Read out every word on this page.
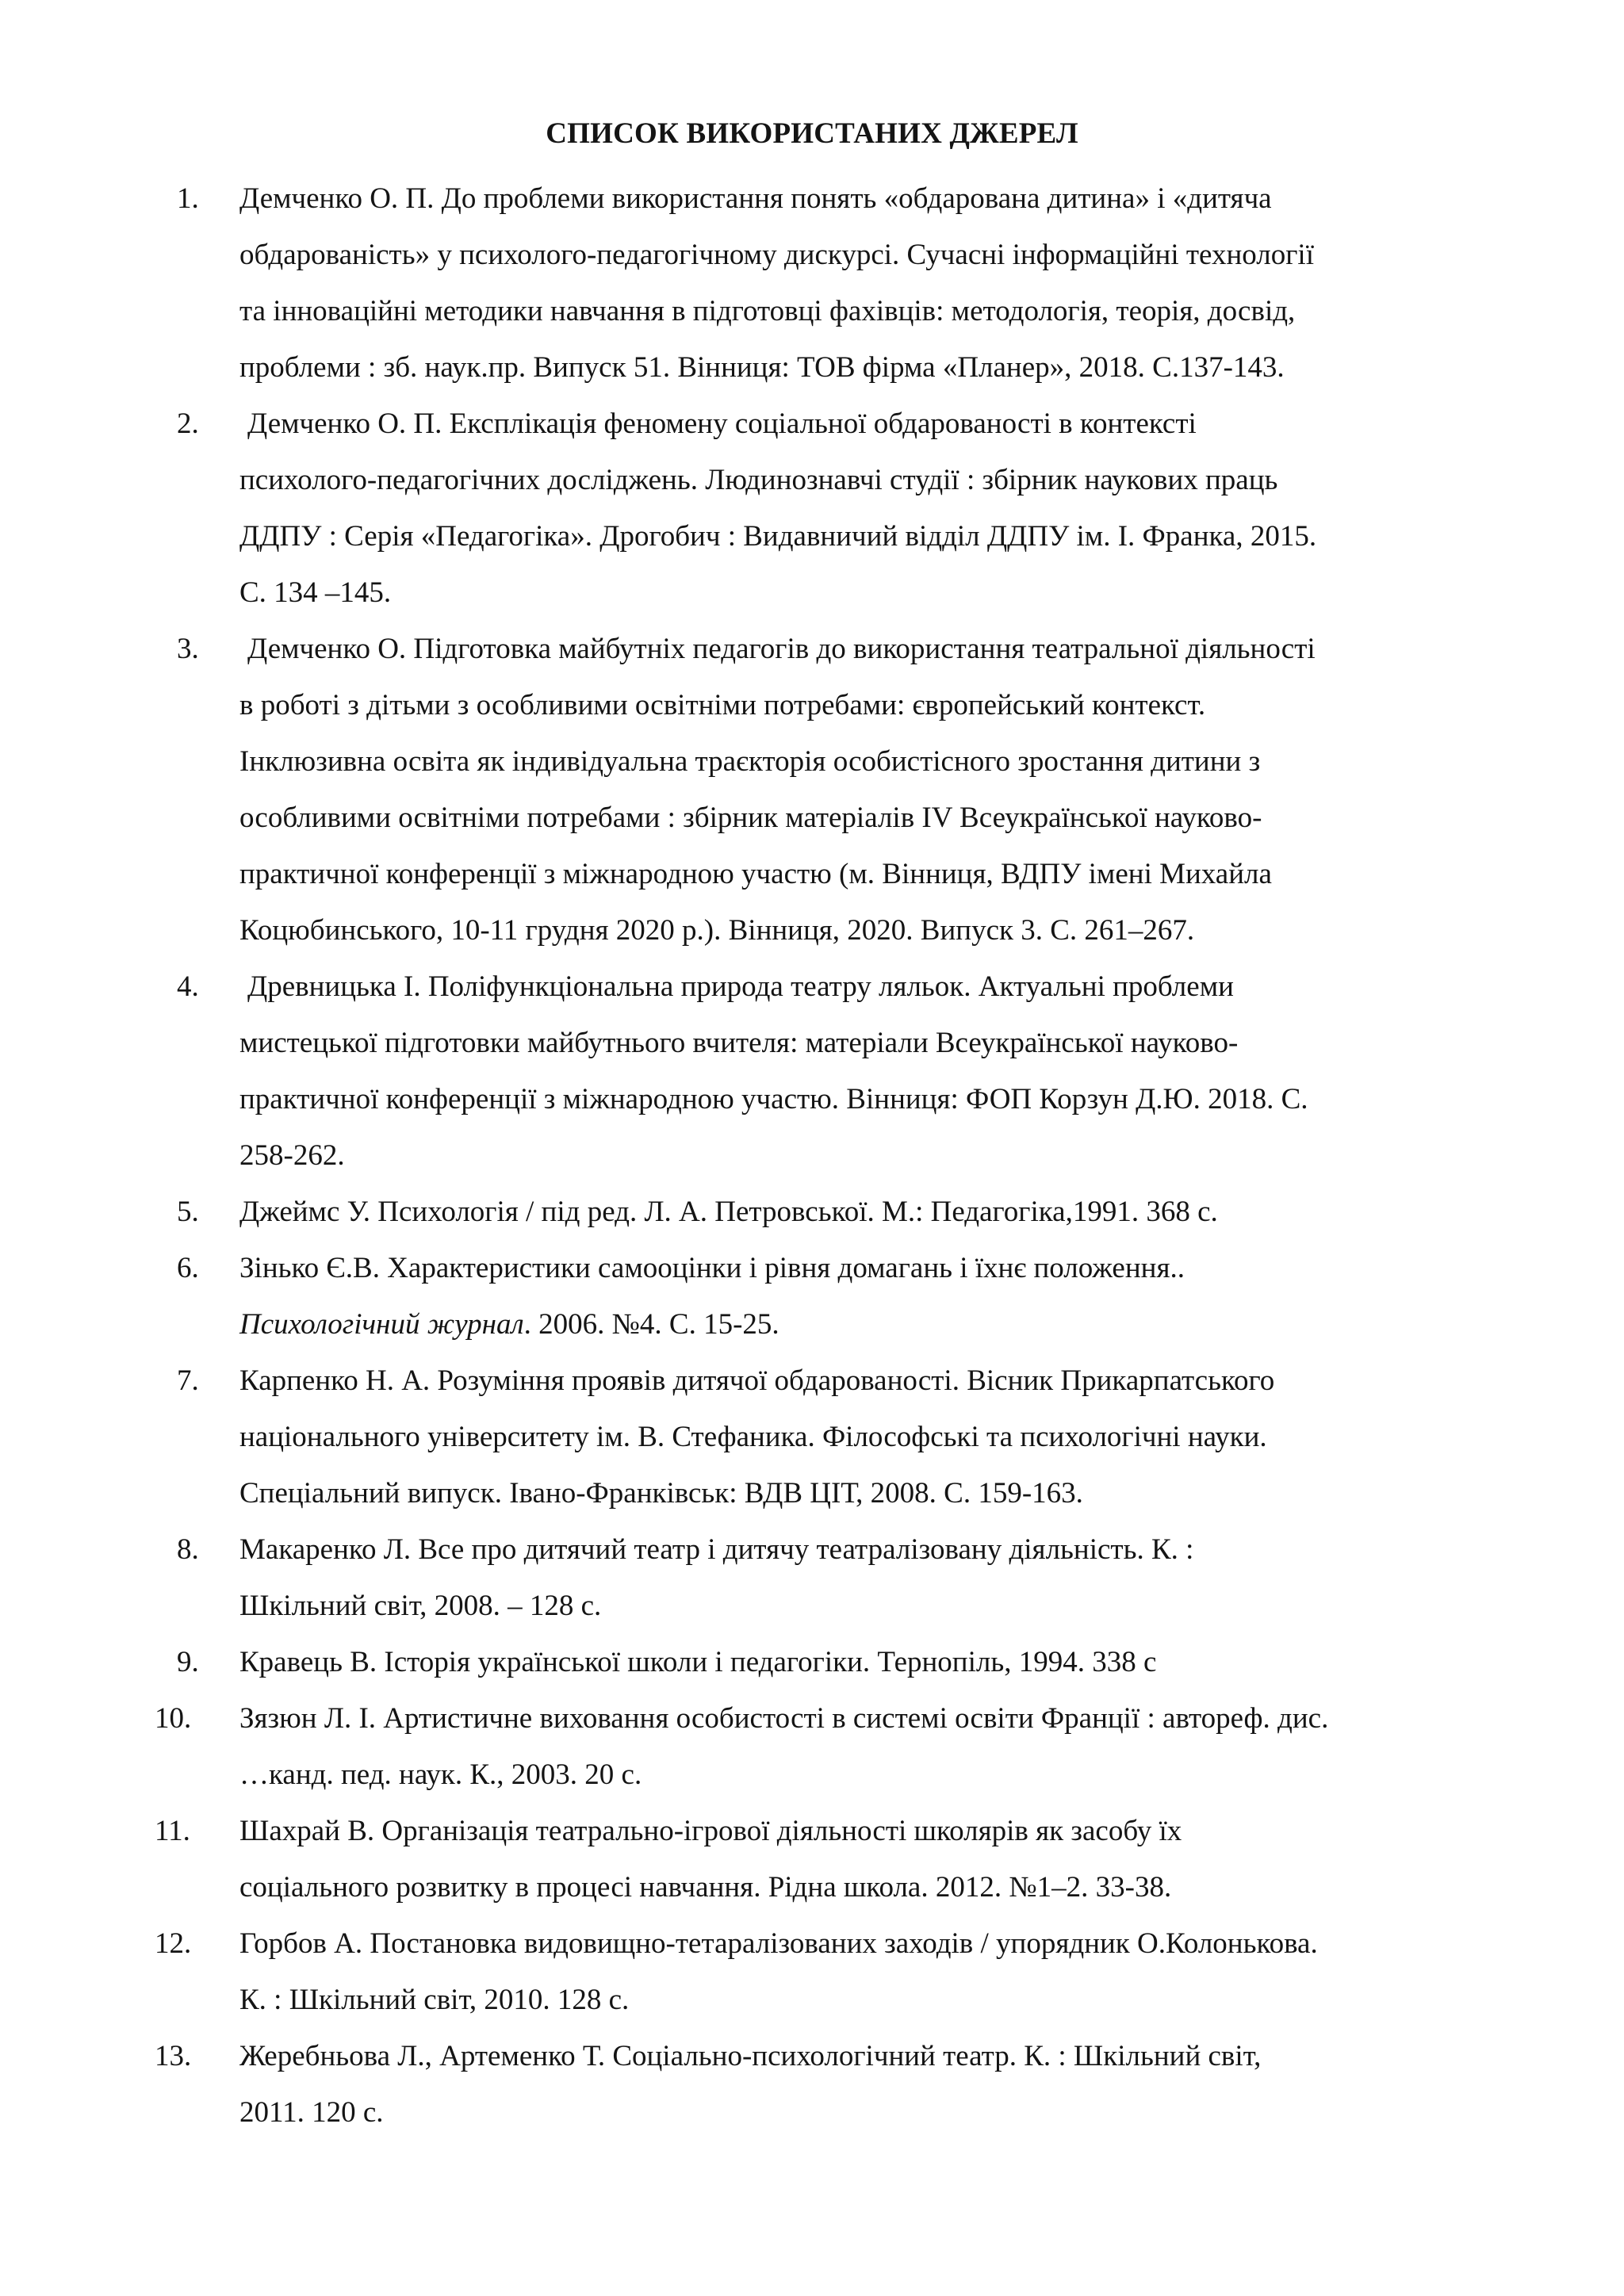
СПИСОК ВИКОРИСТАНИХ ДЖЕРЕЛ
1. Демченко О. П. До проблеми використання понять «обдарована дитина» і «дитяча
обдарованість» у психолого-педагогічному дискурсі. Сучасні інформаційні технології
та інноваційні методики навчання в підготовці фахівців: методологія, теорія, досвід,
проблеми : зб. наук.пр. Випуск 51. Вінниця: ТОВ фірма «Планер», 2018. С.137-143.
2. Демченко О. П. Експлікація феномену соціальної обдарованості в контексті
психолого-педагогічних досліджень. Людинознавчі студії : збірник наукових праць
ДДПУ : Серія «Педагогіка». Дрогобич : Видавничий відділ ДДПУ ім. І. Франка, 2015.
С. 134 –145.
3. Демченко О. Підготовка майбутніх педагогів до використання театральної діяльності
в роботі з дітьми з особливими освітніми потребами: європейський контекст.
Інклюзивна освіта як індивідуальна траєкторія особистісного зростання дитини з
особливими освітніми потребами : збірник матеріалів IV Всеукраїнської науково-
практичної конференції з міжнародною участю (м. Вінниця, ВДПУ імені Михайла
Коцюбинського, 10-11 грудня 2020 р.). Вінниця, 2020. Випуск 3. С. 261–267.
4. Древницька І. Поліфункціональна природа театру ляльок. Актуальні проблеми
мистецької підготовки майбутнього вчителя: матеріали Всеукраїнської науково-
практичної конференції з міжнародною участю. Вінниця: ФОП Корзун Д.Ю. 2018. С.
258-262.
5. Джеймс У. Психологія / під ред. Л. А. Петровської. М.: Педагогіка,1991. 368 с.
6. Зінько Є.В. Характеристики самооцінки і рівня домагань і їхнє положення..
Психологічний журнал. 2006. №4. С. 15-25.
7. Карпенко Н. А. Розуміння проявів дитячої обдарованості. Вісник Прикарпатського
національного університету ім. В. Стефаника. Філософські та психологічні науки.
Спеціальний випуск. Івано-Франківськ: ВДВ ЦІТ, 2008. С. 159-163.
8. Макаренко Л. Все про дитячий театр і дитячу театралізовану діяльність. К. :
Шкільний світ, 2008. – 128 с.
9. Кравець В. Історія української школи і педагогіки. Тернопіль, 1994. 338 с
10. Зязюн Л. І. Артистичне виховання особистості в системі освіти Франції : автореф. дис.
…канд. пед. наук. К., 2003. 20 с.
11. Шахрай В. Організація театрально-ігрової діяльності школярів як засобу їх
соціального розвитку в процесі навчання. Рідна школа. 2012. №1–2. 33-38.
12. Горбов А. Постановка видовищно-тетаралізованих заходів / упорядник О.Колонькова.
К. : Шкільний світ, 2010. 128 с.
13. Жеребньова Л., Артеменко Т. Соціально-психологічний театр. К. : Шкільний світ,
2011. 120 с.
